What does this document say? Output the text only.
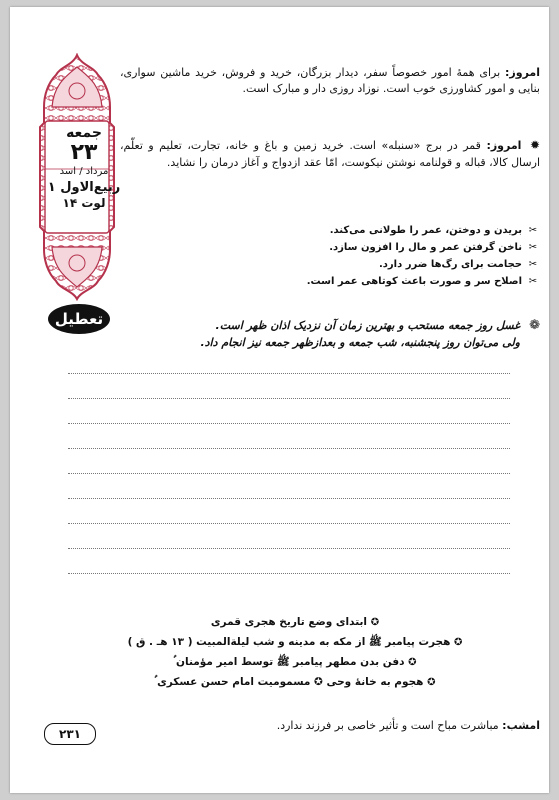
جمعه
۲۳
مرداد / اسد
۱ ربیع‌الاول
۱۴ لوت
تعطیل
امروز: برای همهٔ امور خصوصاً سفر، دیدار بزرگان، خرید و فروش، خرید ماشین سواری، بنایی و امور کشاورزی خوب است. نوزاد روزی دار و مبارک است.
✹ امروز: قمر در برج «سنبله» است. خرید زمین و باغ و خانه، تجارت، تعلیم و تعلّم، ارسال کالا، قباله و قولنامه نوشتن نیکوست، امّا عقد ازدواج و آغاز درمان را نشاید.
✂
بریدن و دوختن، عمر را طولانی می‌کند.
✂
ناخن گرفتن عمر و مال را افزون سازد.
✂
حجامت برای رگ‌ها ضرر دارد.
✂
اصلاح سر و صورت باعث کوتاهی عمر است.
❁
غسل روز جمعه مستحب و بهترین زمان آن نزدیک اذان ظهر است.
ولی می‌توان روز پنجشنبه، شب جمعه و بعدازظهر جمعه نیز انجام داد.
✪ ابتدای وضع تاریخ هجری قمری
✪ هجرت پیامبر ﷺ از مکه به مدینه و شب لیلة‌المبیت ( ۱۳ هـ . ق )
✪ دفن بدن مطهر پیامبر ﷺ توسط امیر مؤمنان ؑ
✪ هجوم به خانهٔ وحی ✪ مسمومیت امام حسن عسکری ؑ
امشب: مباشرت مباح است و تأثیر خاصی بر فرزند ندارد.
۲۳۱
